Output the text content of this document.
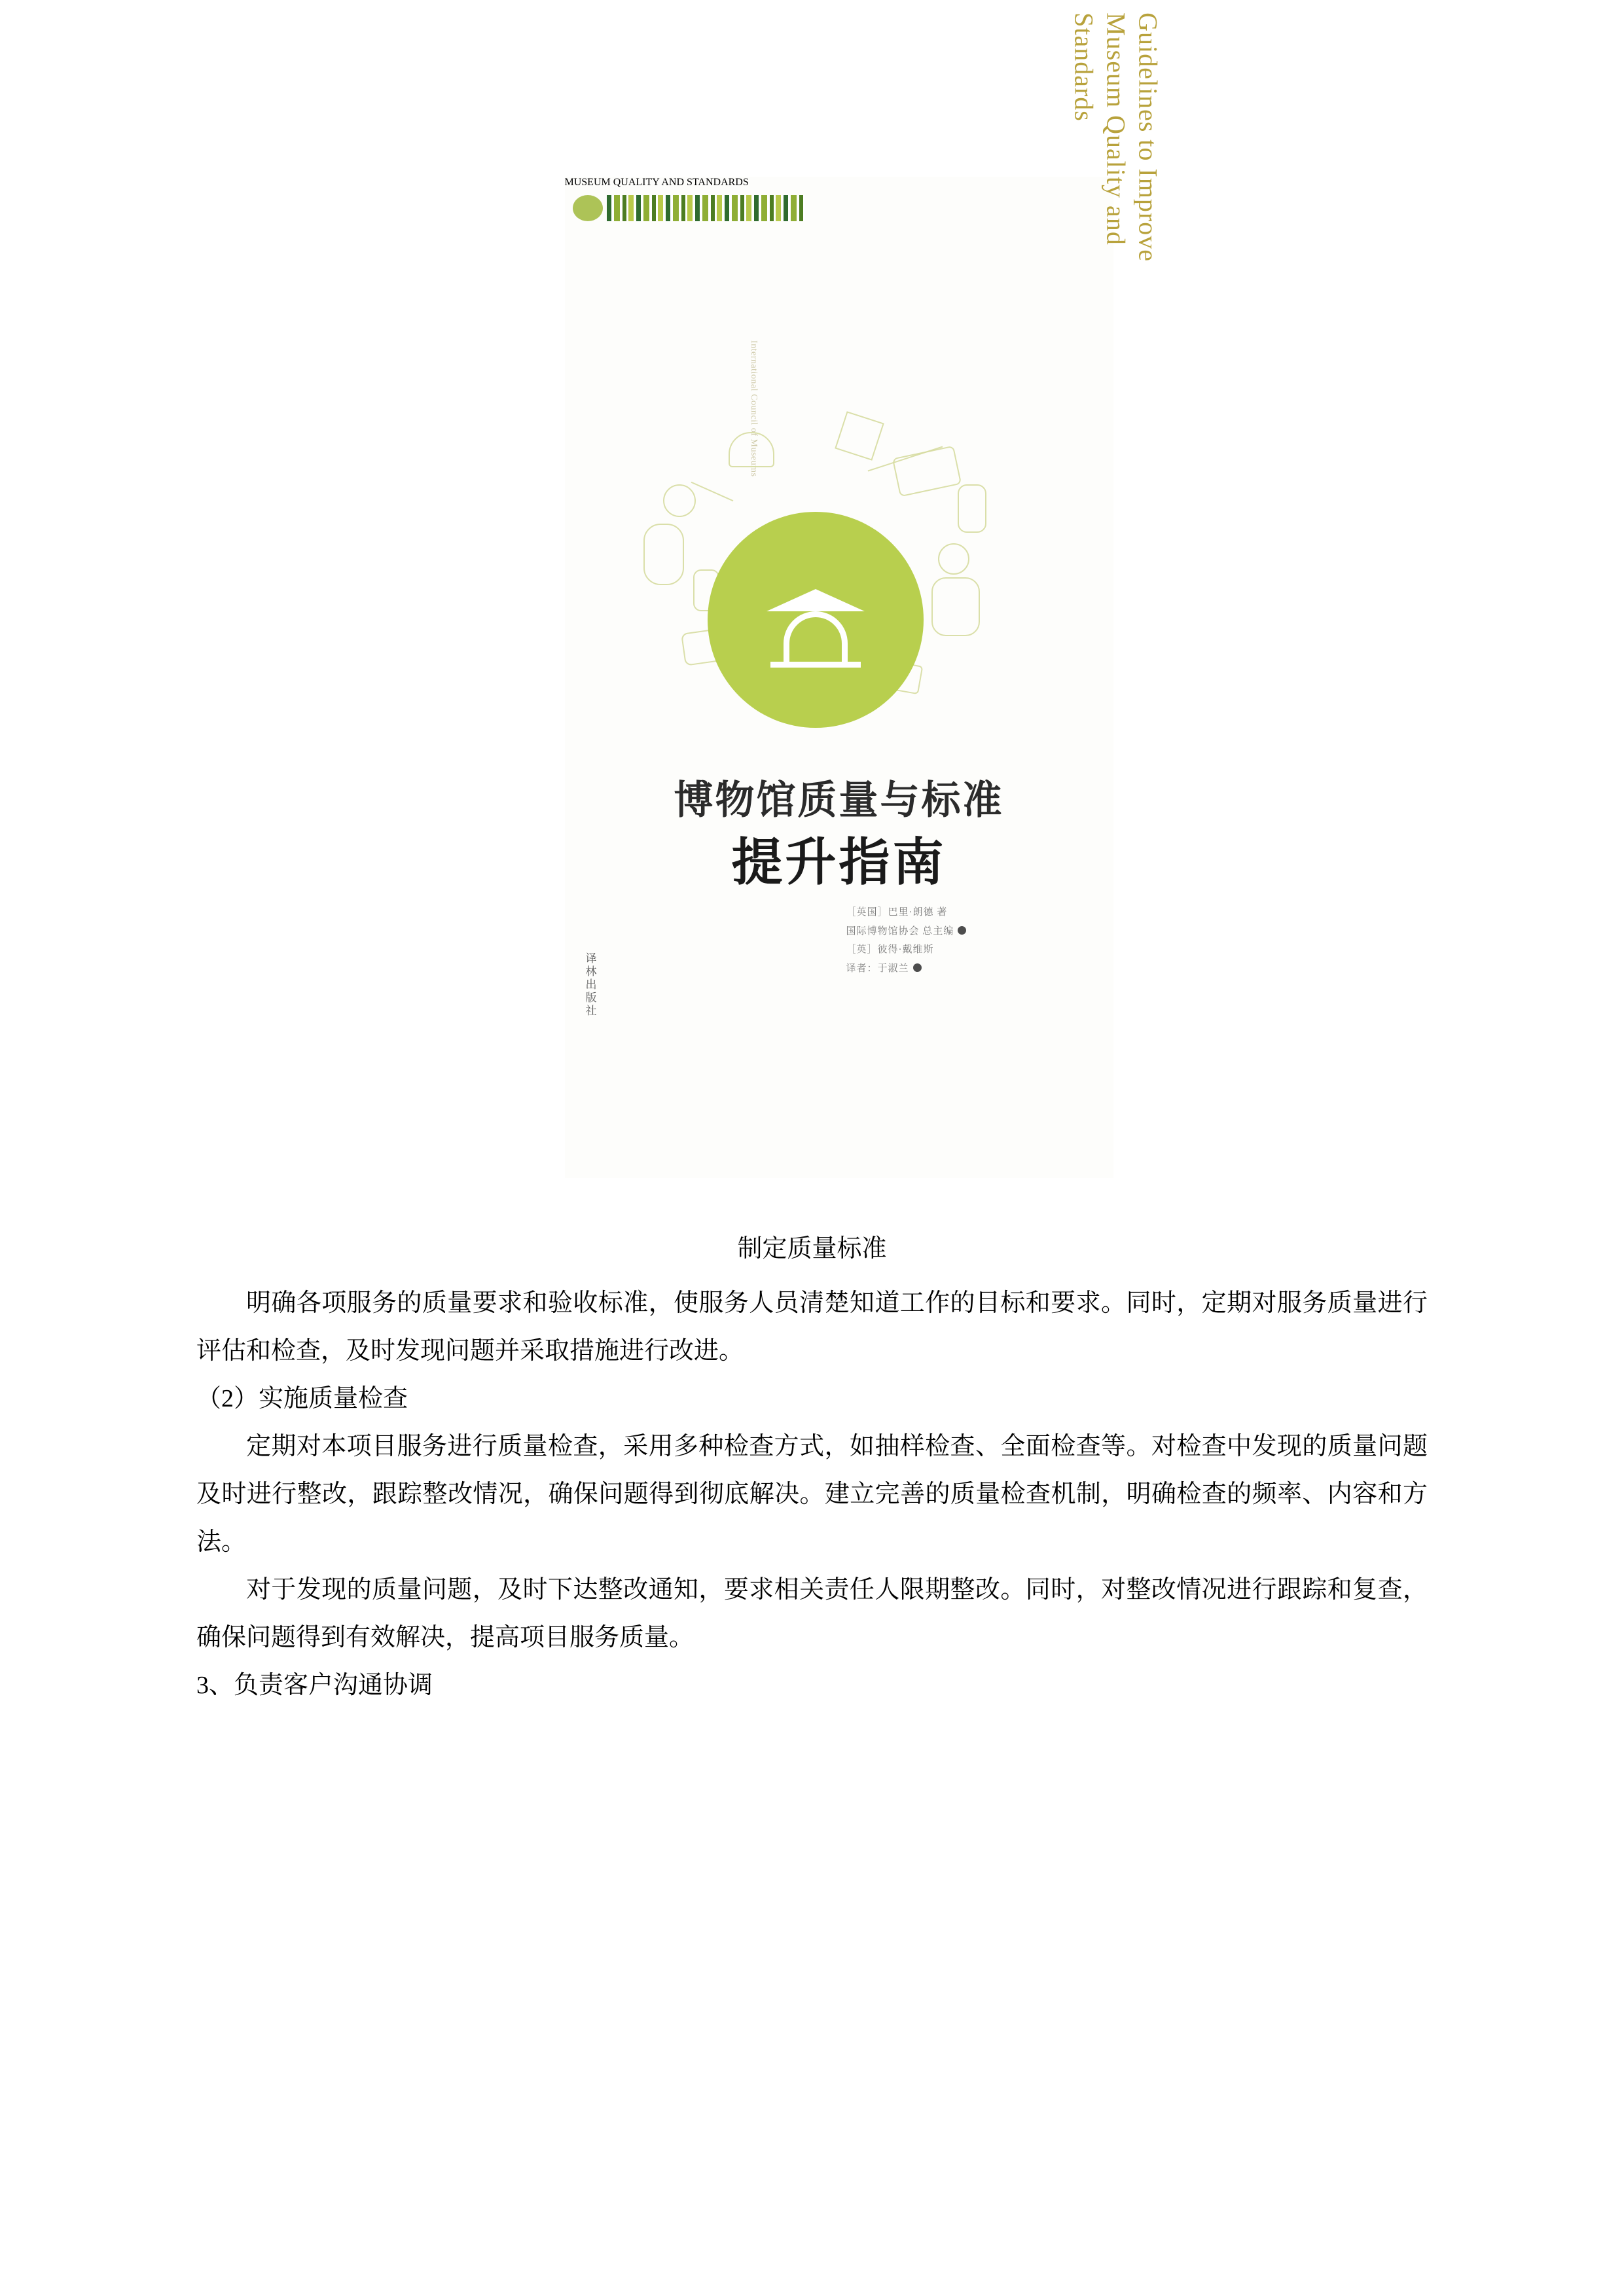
MUSEUM QUALITY AND STANDARDS	Guidelines to Improve
Museum Quality and
Standards
International Council of Museums
博物馆质量与标准
提升指南
［英国］巴里·朗德 著
国际博物馆协会 总主编
［英］彼得·戴维斯
译者：于淑兰
译林出版社

制定质量标准

明确各项服务的质量要求和验收标准，使服务人员清楚知道工作的目标和要求。同时，定期对服务质量进行评估和检查，及时发现问题并采取措施进行改进。

（2）实施质量检查

定期对本项目服务进行质量检查，采用多种检查方式，如抽样检查、全面检查等。对检查中发现的质量问题及时进行整改，跟踪整改情况，确保问题得到彻底解决。建立完善的质量检查机制，明确检查的频率、内容和方法。

对于发现的质量问题，及时下达整改通知，要求相关责任人限期整改。同时，对整改情况进行跟踪和复查，确保问题得到有效解决，提高项目服务质量。

3、负责客户沟通协调
